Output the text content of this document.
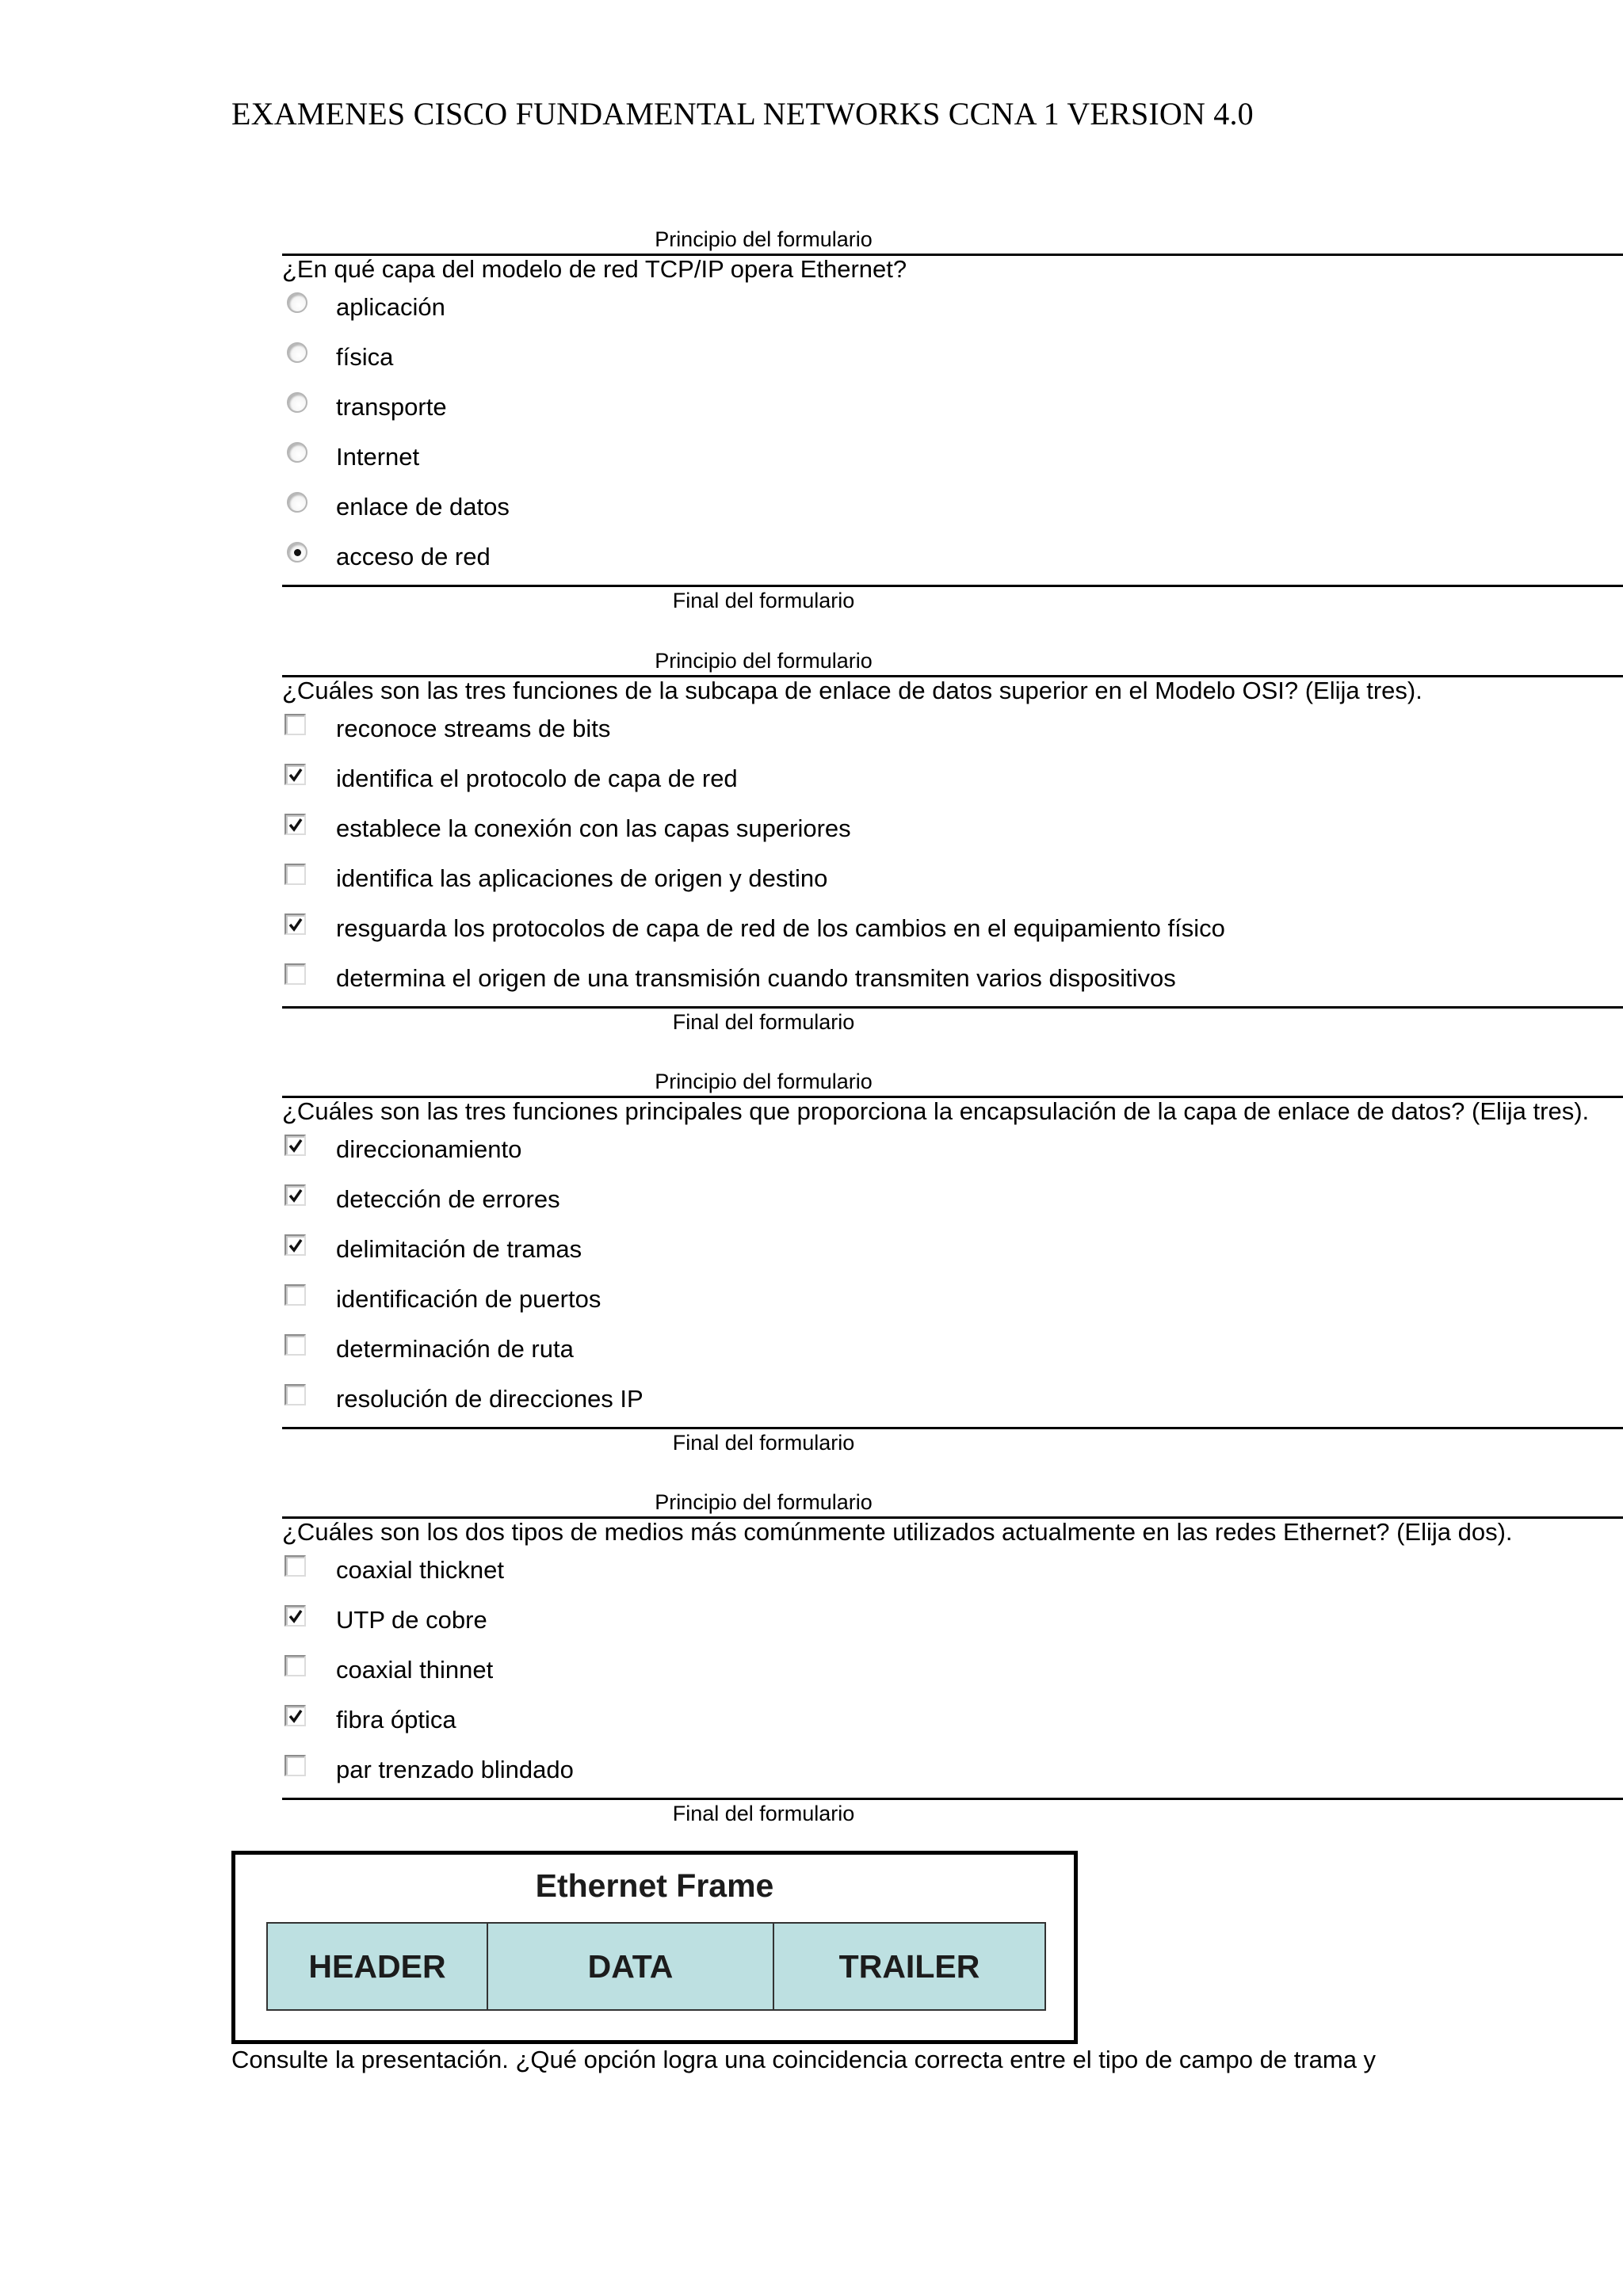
EXAMENES CISCO FUNDAMENTAL NETWORKS CCNA 1 VERSION 4.0
Principio del formulario
¿En qué capa del modelo de red TCP/IP opera Ethernet?
aplicación
física
transporte
Internet
enlace de datos
acceso de red
Final del formulario
Principio del formulario
¿Cuáles son las tres funciones de la subcapa de enlace de datos superior en el Modelo OSI? (Elija tres).
reconoce streams de bits
identifica el protocolo de capa de red
establece la conexión con las capas superiores
identifica las aplicaciones de origen y destino
resguarda los protocolos de capa de red de los cambios en el equipamiento físico
determina el origen de una transmisión cuando transmiten varios dispositivos
Final del formulario
Principio del formulario
¿Cuáles son las tres funciones principales que proporciona la encapsulación de la capa de enlace de datos? (Elija tres).
direccionamiento
detección de errores
delimitación de tramas
identificación de puertos
determinación de ruta
resolución de direcciones IP
Final del formulario
Principio del formulario
¿Cuáles son los dos tipos de medios más comúnmente utilizados actualmente en las redes Ethernet? (Elija dos).
coaxial thicknet
UTP de cobre
coaxial thinnet
fibra óptica
par trenzado blindado
Final del formulario
Ethernet Frame
HEADER	DATA	TRAILER

Consulte la presentación. ¿Qué opción logra una coincidencia correcta entre el tipo de campo de trama y
